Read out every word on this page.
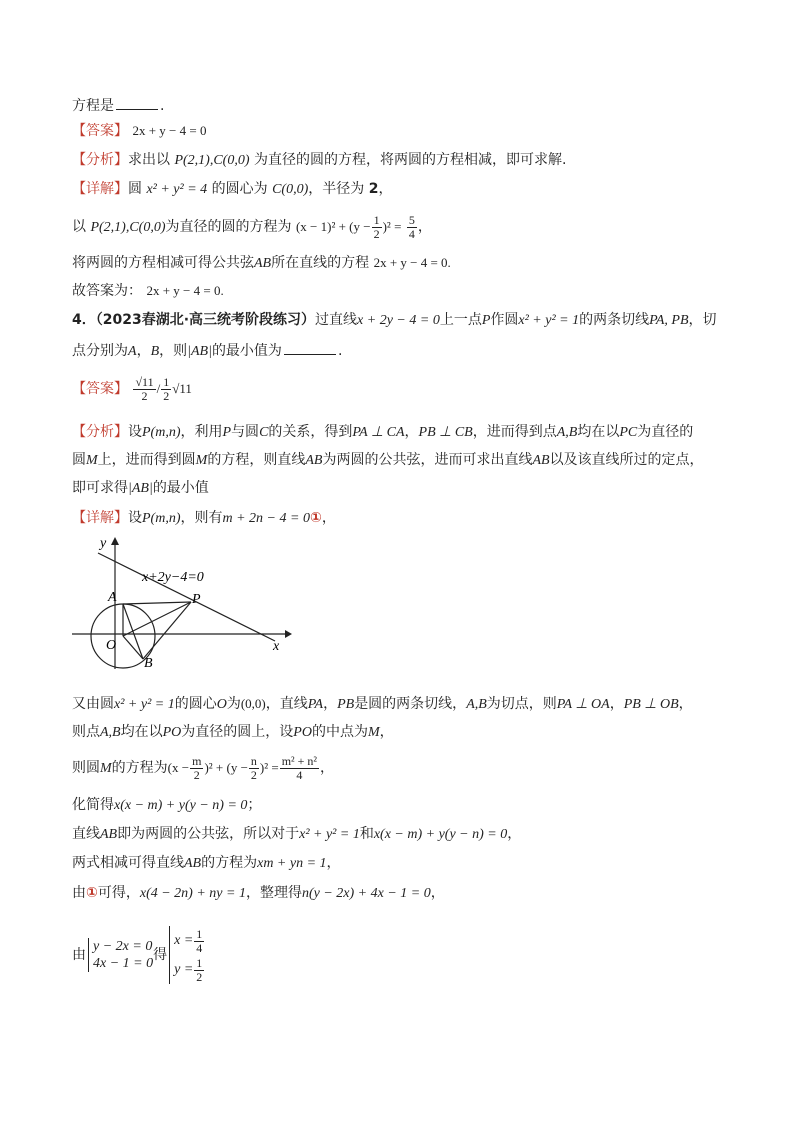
方程是	.
【答案】 2x + y − 4 = 0
【分析】求出以 P(2,1),C(0,0) 为直径的圆的方程，将两圆的方程相减，即可求解.
【详解】圆 x² + y² = 4 的圆心为 C(0,0)，半径为 2，
以 P(2,1),C(0,0)为直径的圆的方程为 $(x - 1)^2 + (y - \frac{1}{2} )^2 = \frac{5}{4}$ ，
将两圆的方程相减可得公共弦AB所在直线的方程 2x + y − 4 = 0.
故答案为： 2x + y − 4 = 0.
4．（2023春湖北·高三统考阶段练习）过直线x + 2y − 4 = 0上一点P作圆x² + y² = 1的两条切线PA, PB，切
点分别为A，B，则|AB|的最小值为	.
【答案】 $\frac{√11}{2} / \frac{1}{2} √11$
【分析】设P(m,n)，利用P与圆C的关系，得到PA ⊥ CA，PB ⊥ CB，进而得到点A,B均在以PC为直径的
圆M上，进而得到圆M的方程，则直线AB为两圆的公共弦，进而可求出直线AB以及该直线所过的定点，
即可求得|AB|的最小值
【详解】设P(m,n)，则有m + 2n − 4 = 0①，
y
x
x+2y−4=0
P
A
O
B
又由圆x² + y² = 1的圆心O为(0,0)，直线PA，PB是圆的两条切线，A,B为切点，则PA ⊥ OA，PB ⊥ OB，
则点A,B均在以PO为直径的圆上，设PO的中点为M，
则圆M的方程为$(x - \frac{m}{2} )^2 + (y - \frac{n}{2} )^2 = \frac{\text{m² + n²}}{4}$ ，
化简得x(x − m) + y(y − n) = 0；
直线AB即为两圆的公共弦，所以对于x² + y² = 1和x(x − m) + y(y − n) = 0，
两式相减可得直线AB的方程为xm + yn = 1，
由①可得，x(4 − 2n) + ny = 1，整理得n(y − 2x) + 4x − 1 = 0，
由
y − 2x = 0
4x − 1 = 0
得
$x = \frac{1}{4}$
$y = \frac{1}{2}$
